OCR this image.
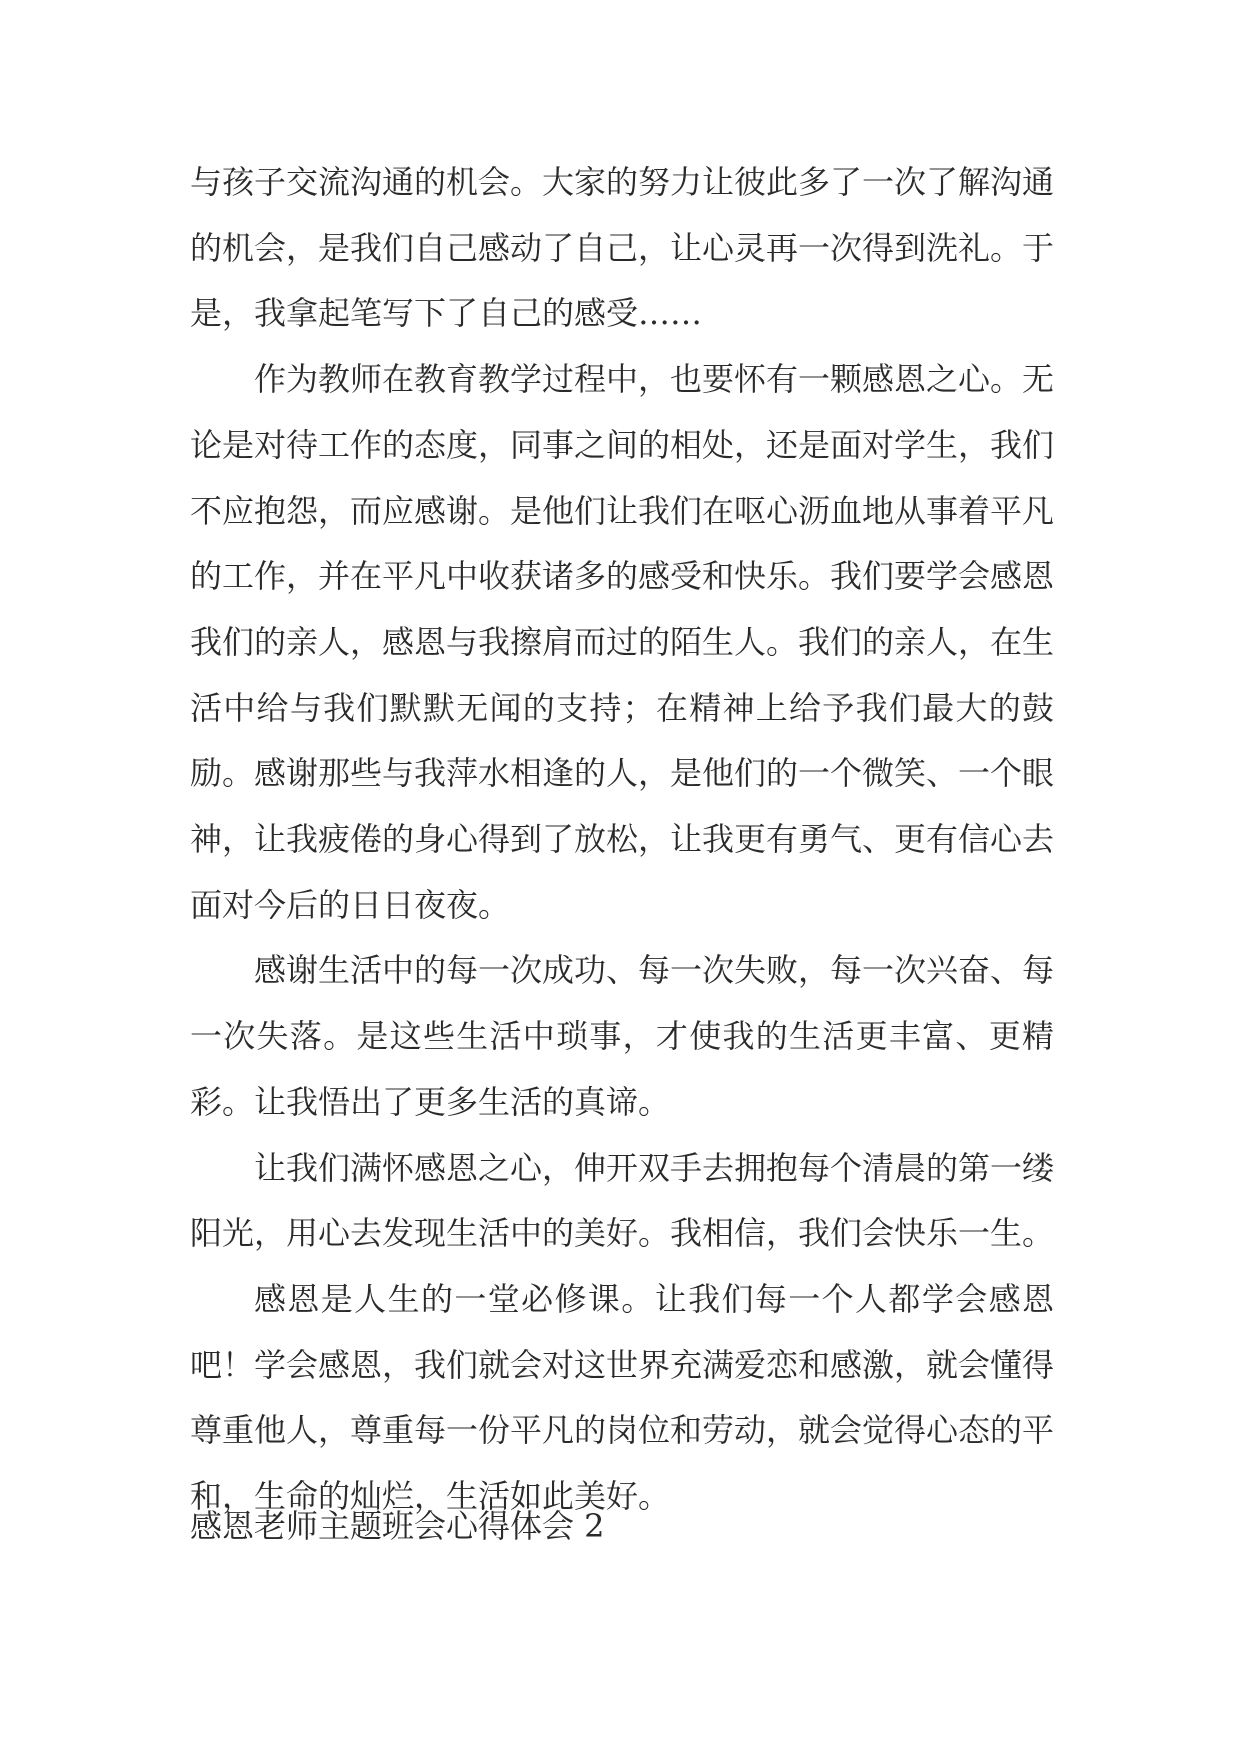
与孩子交流沟通的机会。大家的努力让彼此多了一次了解沟通的机会，是我们自己感动了自己，让心灵再一次得到洗礼。于是，我拿起笔写下了自己的感受……

作为教师在教育教学过程中，也要怀有一颗感恩之心。无论是对待工作的态度，同事之间的相处，还是面对学生，我们不应抱怨，而应感谢。是他们让我们在呕心沥血地从事着平凡的工作，并在平凡中收获诸多的感受和快乐。我们要学会感恩我们的亲人，感恩与我擦肩而过的陌生人。我们的亲人，在生活中给与我们默默无闻的支持；在精神上给予我们最大的鼓励。感谢那些与我萍水相逢的人，是他们的一个微笑、一个眼神，让我疲倦的身心得到了放松，让我更有勇气、更有信心去面对今后的日日夜夜。

感谢生活中的每一次成功、每一次失败，每一次兴奋、每一次失落。是这些生活中琐事，才使我的生活更丰富、更精彩。让我悟出了更多生活的真谛。

让我们满怀感恩之心，伸开双手去拥抱每个清晨的第一缕阳光，用心去发现生活中的美好。我相信，我们会快乐一生。

感恩是人生的一堂必修课。让我们每一个人都学会感恩吧！学会感恩，我们就会对这世界充满爱恋和感激，就会懂得尊重他人，尊重每一份平凡的岗位和劳动，就会觉得心态的平和，生命的灿烂，生活如此美好。

感恩老师主题班会心得体会 2
